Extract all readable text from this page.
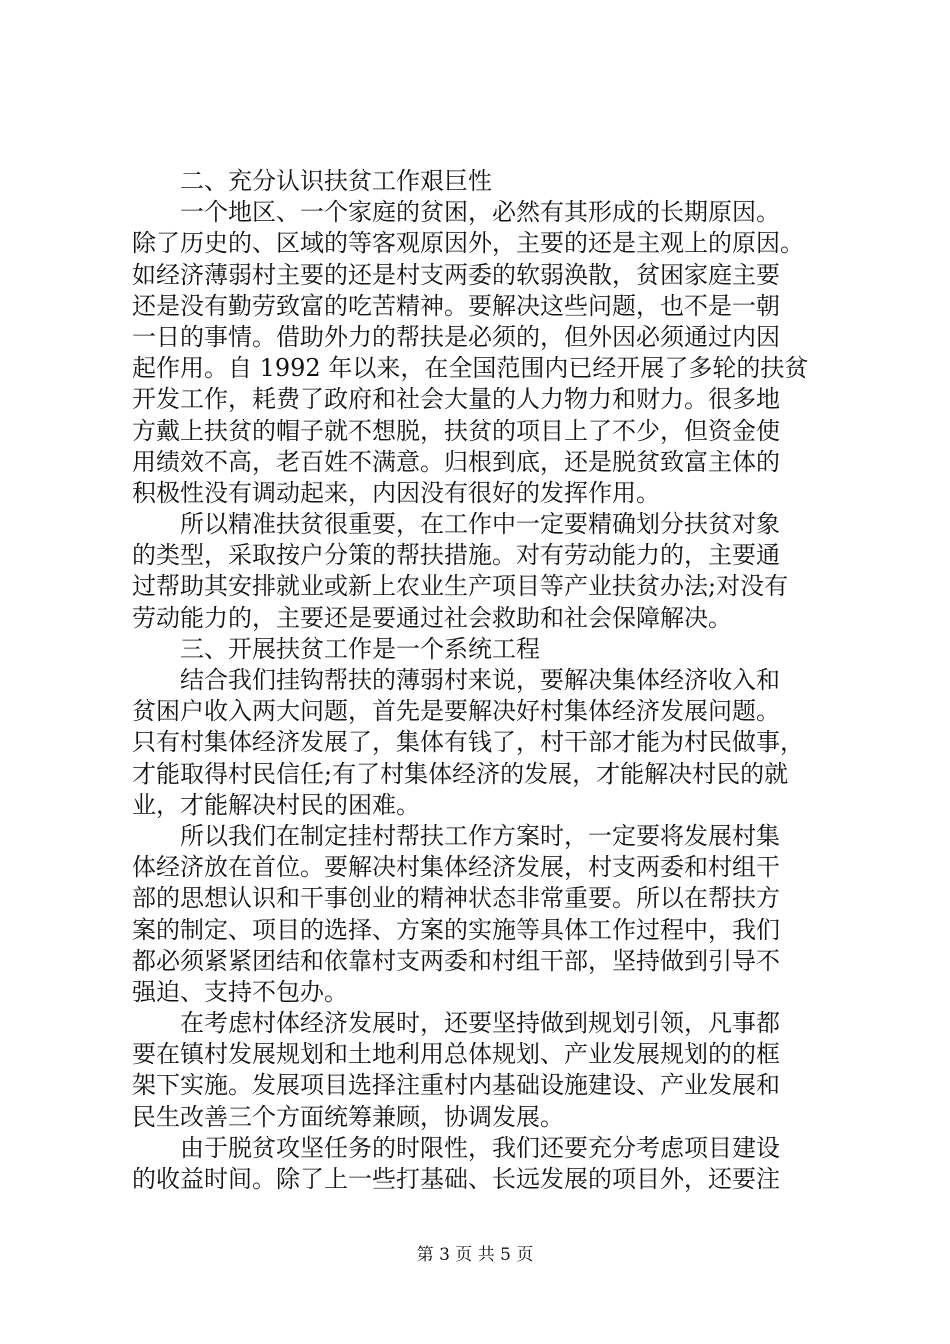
　　二、充分认识扶贫工作艰巨性
　　一个地区、一个家庭的贫困，必然有其形成的长期原因。
除了历史的、区域的等客观原因外，主要的还是主观上的原因。
如经济薄弱村主要的还是村支两委的软弱涣散，贫困家庭主要
还是没有勤劳致富的吃苦精神。要解决这些问题，也不是一朝
一日的事情。借助外力的帮扶是必须的，但外因必须通过内因
起作用。自 1992 年以来，在全国范围内已经开展了多轮的扶贫
开发工作，耗费了政府和社会大量的人力物力和财力。很多地
方戴上扶贫的帽子就不想脱，扶贫的项目上了不少，但资金使
用绩效不高，老百姓不满意。归根到底，还是脱贫致富主体的
积极性没有调动起来，内因没有很好的发挥作用。
　　所以精准扶贫很重要，在工作中一定要精确划分扶贫对象
的类型，采取按户分策的帮扶措施。对有劳动能力的，主要通
过帮助其安排就业或新上农业生产项目等产业扶贫办法;对没有
劳动能力的，主要还是要通过社会救助和社会保障解决。
　　三、开展扶贫工作是一个系统工程
　　结合我们挂钩帮扶的薄弱村来说，要解决集体经济收入和
贫困户收入两大问题，首先是要解决好村集体经济发展问题。
只有村集体经济发展了，集体有钱了，村干部才能为村民做事，
才能取得村民信任;有了村集体经济的发展，才能解决村民的就
业，才能解决村民的困难。
　　所以我们在制定挂村帮扶工作方案时，一定要将发展村集
体经济放在首位。要解决村集体经济发展，村支两委和村组干
部的思想认识和干事创业的精神状态非常重要。所以在帮扶方
案的制定、项目的选择、方案的实施等具体工作过程中，我们
都必须紧紧团结和依靠村支两委和村组干部，坚持做到引导不
强迫、支持不包办。
　　在考虑村体经济发展时，还要坚持做到规划引领，凡事都
要在镇村发展规划和土地利用总体规划、产业发展规划的的框
架下实施。发展项目选择注重村内基础设施建设、产业发展和
民生改善三个方面统筹兼顾，协调发展。
　　由于脱贫攻坚任务的时限性，我们还要充分考虑项目建设
的收益时间。除了上一些打基础、长远发展的项目外，还要注
第 3 页 共 5 页
